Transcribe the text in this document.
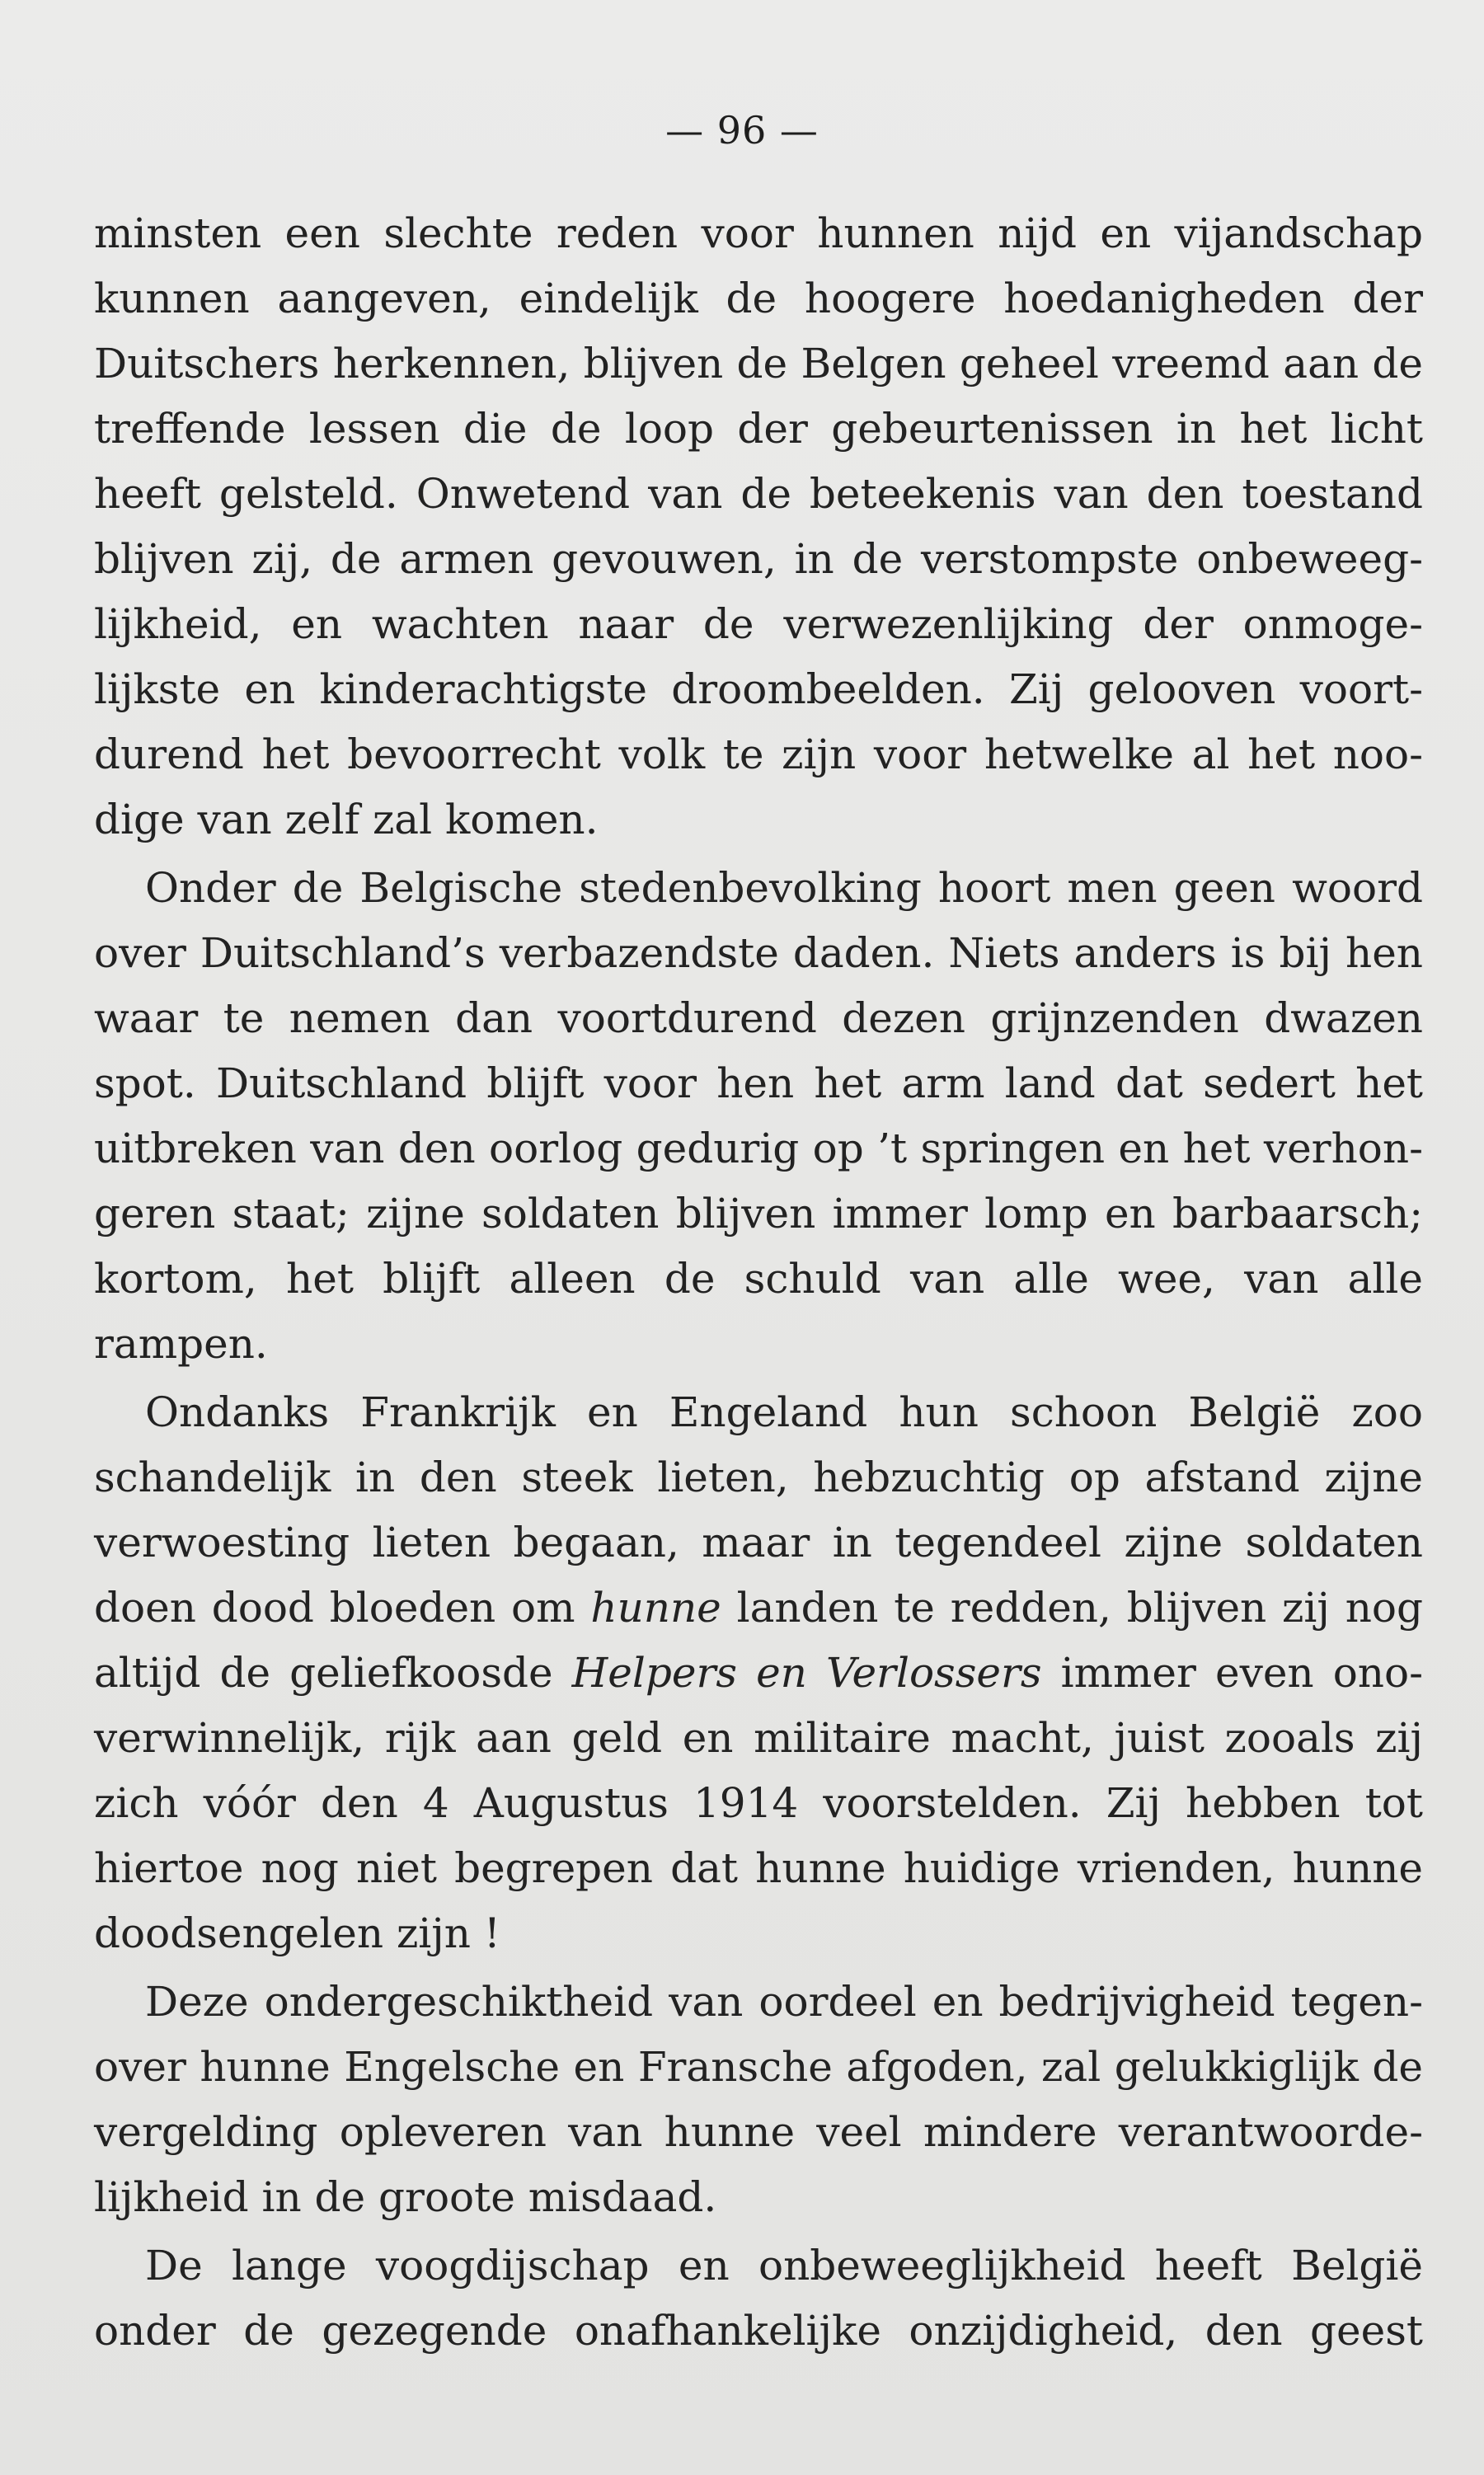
— 96 —

minsten een slechte reden voor hunnen nijd en vijandschap
kunnen aangeven, eindelijk de hoogere hoedanigheden der
Duitschers herkennen, blijven de Belgen geheel vreemd aan de
treffende lessen die de loop der gebeurtenissen in het licht
heeft gelsteld. Onwetend van de beteekenis van den toestand
blijven zij, de armen gevouwen, in de verstompste onbeweeg-
lijkheid, en wachten naar de verwezenlijking der onmoge-
lijkste en kinderachtigste droombeelden. Zij gelooven voort-
durend het bevoorrecht volk te zijn voor hetwelke al het noo-
dige van zelf zal komen.

Onder de Belgische stedenbevolking hoort men geen woord
over Duitschland’s verbazendste daden. Niets anders is bij hen
waar te nemen dan voortdurend dezen grijnzenden dwazen
spot. Duitschland blijft voor hen het arm land dat sedert het
uitbreken van den oorlog gedurig op ’t springen en het verhon-
geren staat; zijne soldaten blijven immer lomp en barbaarsch;
kortom, het blijft alleen de schuld van alle wee, van alle
rampen.

Ondanks Frankrijk en Engeland hun schoon België zoo
schandelijk in den steek lieten, hebzuchtig op afstand zijne
verwoesting lieten begaan, maar in tegendeel zijne soldaten
doen dood bloeden om hunne landen te redden, blijven zij nog
altijd de geliefkoosde Helpers en Verlossers immer even ono-
verwinnelijk, rijk aan geld en militaire macht, juist zooals zij
zich vóór den 4 Augustus 1914 voorstelden. Zij hebben tot
hiertoe nog niet begrepen dat hunne huidige vrienden, hunne
doodsengelen zijn !

Deze ondergeschiktheid van oordeel en bedrijvigheid tegen-
over hunne Engelsche en Fransche afgoden, zal gelukkiglijk de
vergelding opleveren van hunne veel mindere verantwoorde-
lijkheid in de groote misdaad.

De lange voogdijschap en onbeweeglijkheid heeft België
onder de gezegende onafhankelijke onzijdigheid, den geest
